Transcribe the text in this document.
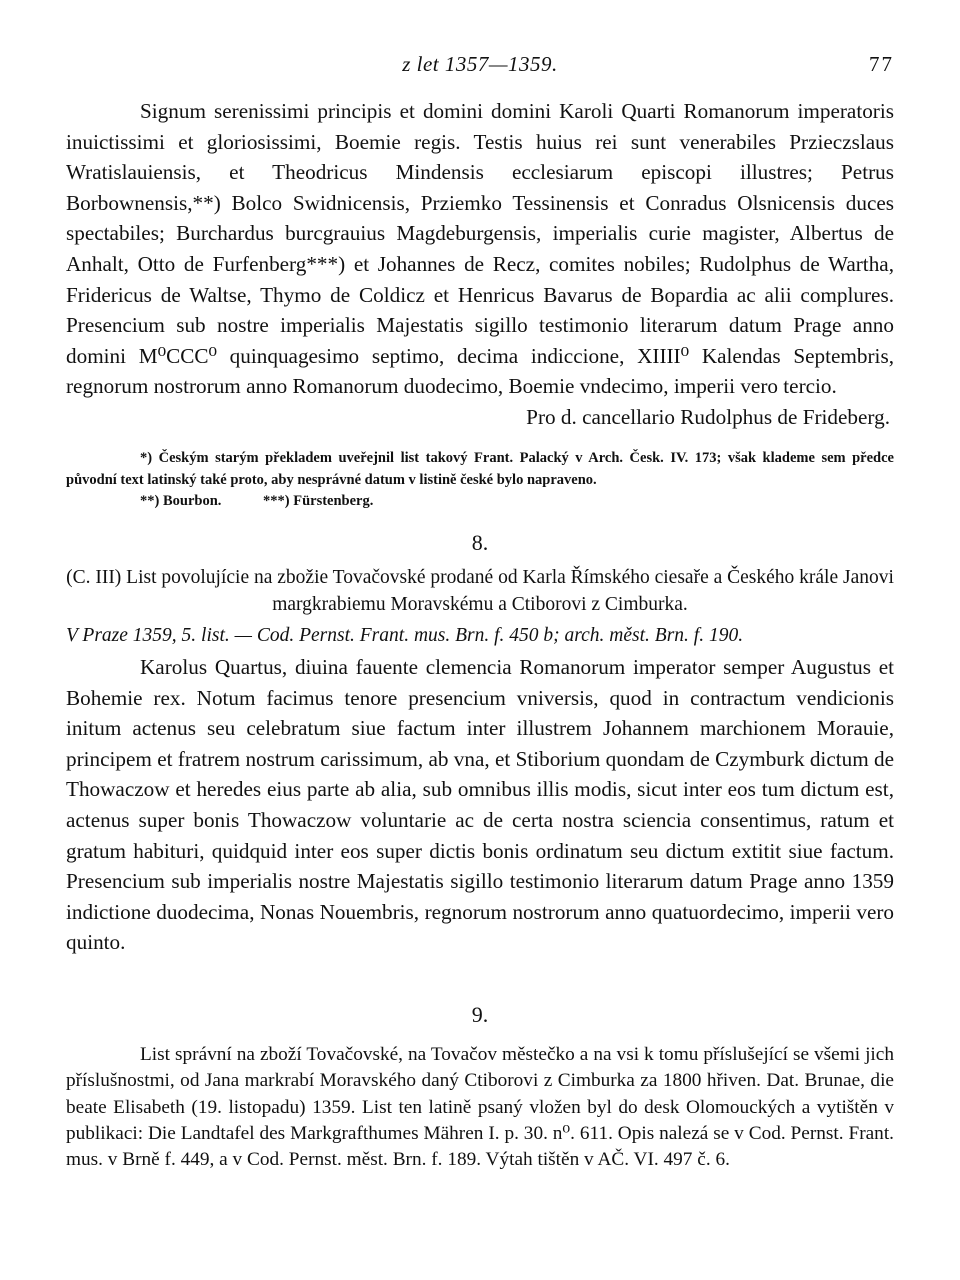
z let 1357—1359.	77
Signum serenissimi principis et domini domini Karoli Quarti Romanorum imperatoris inuictissimi et gloriosissimi, Boemie regis. Testis huius rei sunt venerabiles Przieczslaus Wratislauiensis, et Theodricus Mindensis ecclesiarum episcopi illustres; Petrus Borbownensis,**) Bolco Swidnicensis, Prziemko Tessinensis et Conradus Olsnicensis duces spectabiles; Burchardus burcgrauius Magdeburgensis, imperialis curie magister, Albertus de Anhalt, Otto de Furfenberg***) et Johannes de Recz, comites nobiles; Rudolphus de Wartha, Fridericus de Waltse, Thymo de Coldicz et Henricus Bavarus de Bopardia ac alii complures. Presencium sub nostre imperialis Majestatis sigillo testimonio literarum datum Prage anno domini M⁰CCC⁰ quinquagesimo septimo, decima indiccione, XIIII⁰ Kalendas Septembris, regnorum nostrorum anno Romanorum duodecimo, Boemie vndecimo, imperii vero tercio.
Pro d. cancellario Rudolphus de Frideberg.
*) Českým starým překladem uveřejnil list takový Frant. Palacký v Arch. Česk. IV. 173; však klademe sem předce původní text latinský také proto, aby nesprávné datum v listině české bylo napraveno.
**) Bourbon.	***) Fürstenberg.
8.
(C. III) List povolujície na zbožie Tovačovské prodané od Karla Římského ciesaře a Českého krále Janovi margkrabiemu Moravskému a Ctiborovi z Cimburka.
V Praze 1359, 5. list. — Cod. Pernst. Frant. mus. Brn. f. 450 b; arch. měst. Brn. f. 190.
Karolus Quartus, diuina fauente clemencia Romanorum imperator semper Augustus et Bohemie rex. Notum facimus tenore presencium vniversis, quod in contractum vendicionis initum actenus seu celebratum siue factum inter illustrem Johannem marchionem Morauie, principem et fratrem nostrum carissimum, ab vna, et Stiborium quondam de Czymburk dictum de Thowaczow et heredes eius parte ab alia, sub omnibus illis modis, sicut inter eos tum dictum est, actenus super bonis Thowaczow voluntarie ac de certa nostra sciencia consentimus, ratum et gratum habituri, quidquid inter eos super dictis bonis ordinatum seu dictum extitit siue factum. Presencium sub imperialis nostre Majestatis sigillo testimonio literarum datum Prage anno 1359 indictione duodecima, Nonas Nouembris, regnorum nostrorum anno quatuordecimo, imperii vero quinto.
9.
List správní na zboží Tovačovské, na Tovačov městečko a na vsi k tomu příslušející se všemi jich příslušnostmi, od Jana markrabí Moravského daný Ctiborovi z Cimburka za 1800 hřiven. Dat. Brunae, die beate Elisabeth (19. listopadu) 1359. List ten latině psaný vložen byl do desk Olomouckých a vytištěn v publikaci: Die Landtafel des Markgrafthumes Mähren I. p. 30. n⁰. 611. Opis nalezá se v Cod. Pernst. Frant. mus. v Brně f. 449, a v Cod. Pernst. měst. Brn. f. 189. Výtah tištěn v AČ. VI. 497 č. 6.
